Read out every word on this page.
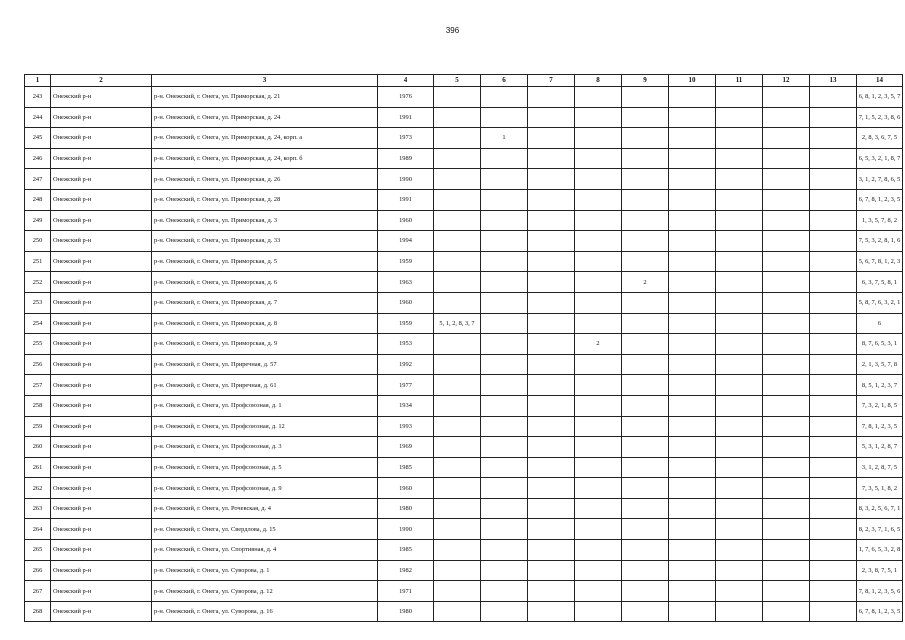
396
1	2	3	4	5	6	7	8	9	10	11	12	13	14
243	Онежский р-н	р-н. Онежский, г. Онега, ул. Приморская, д. 21	1976										6, 8, 1, 2, 3, 5, 7
244	Онежский р-н	р-н. Онежский, г. Онега, ул. Приморская, д. 24	1991										7, 1, 5, 2, 3, 8, 6
245	Онежский р-н	р-н. Онежский, г. Онега, ул. Приморская, д. 24, корп. а	1973		1								2, 8, 3, 6, 7, 5
246	Онежский р-н	р-н. Онежский, г. Онега, ул. Приморская, д. 24, корп. б	1989										6, 5, 3, 2, 1, 8, 7
247	Онежский р-н	р-н. Онежский, г. Онега, ул. Приморская, д. 26	1990										3, 1, 2, 7, 8, 6, 5
248	Онежский р-н	р-н. Онежский, г. Онега, ул. Приморская, д. 28	1991										6, 7, 8, 1, 2, 3, 5
249	Онежский р-н	р-н. Онежский, г. Онега, ул. Приморская, д. 3	1960										1, 3, 5, 7, 8, 2
250	Онежский р-н	р-н. Онежский, г. Онега, ул. Приморская, д. 33	1994										7, 5, 3, 2, 8, 1, 6
251	Онежский р-н	р-н. Онежский, г. Онега, ул. Приморская, д. 5	1959										5, 6, 7, 8, 1, 2, 3
252	Онежский р-н	р-н. Онежский, г. Онега, ул. Приморская, д. 6	1963					2					6, 3, 7, 5, 8, 1
253	Онежский р-н	р-н. Онежский, г. Онега, ул. Приморская, д. 7	1960										5, 8, 7, 6, 3, 2, 1
254	Онежский р-н	р-н. Онежский, г. Онега, ул. Приморская, д. 8	1959	5, 1, 2, 8, 3, 7									6
255	Онежский р-н	р-н. Онежский, г. Онега, ул. Приморская, д. 9	1953				2						8, 7, 6, 5, 3, 1
256	Онежский р-н	р-н. Онежский, г. Онега, ул. Приречная, д. 57	1992										2, 1, 3, 5, 7, 8
257	Онежский р-н	р-н. Онежский, г. Онега, ул. Приречная, д. 61	1977										8, 5, 1, 2, 3, 7
258	Онежский р-н	р-н. Онежский, г. Онега, ул. Профсоюзная, д. 1	1934										7, 3, 2, 1, 8, 5
259	Онежский р-н	р-н. Онежский, г. Онега, ул. Профсоюзная, д. 12	1993										7, 8, 1, 2, 3, 5
260	Онежский р-н	р-н. Онежский, г. Онега, ул. Профсоюзная, д. 3	1969										5, 3, 1, 2, 8, 7
261	Онежский р-н	р-н. Онежский, г. Онега, ул. Профсоюзная, д. 5	1985										3, 1, 2, 8, 7, 5
262	Онежский р-н	р-н. Онежский, г. Онега, ул. Профсоюзная, д. 9	1960										7, 3, 5, 1, 8, 2
263	Онежский р-н	р-н. Онежский, г. Онега, ул. Рочевская, д. 4	1980										8, 3, 2, 5, 6, 7, 1
264	Онежский р-н	р-н. Онежский, г. Онега, ул. Свердлова, д. 15	1990										8, 2, 3, 7, 1, 6, 5
265	Онежский р-н	р-н. Онежский, г. Онега, ул. Спортивная, д. 4	1985										1, 7, 6, 5, 3, 2, 8
266	Онежский р-н	р-н. Онежский, г. Онега, ул. Суворова, д. 1	1982										2, 3, 8, 7, 5, 1
267	Онежский р-н	р-н. Онежский, г. Онега, ул. Суворова, д. 12	1971										7, 8, 1, 2, 3, 5, 6
268	Онежский р-н	р-н. Онежский, г. Онега, ул. Суворова, д. 16	1980										6, 7, 8, 1, 2, 3, 5
